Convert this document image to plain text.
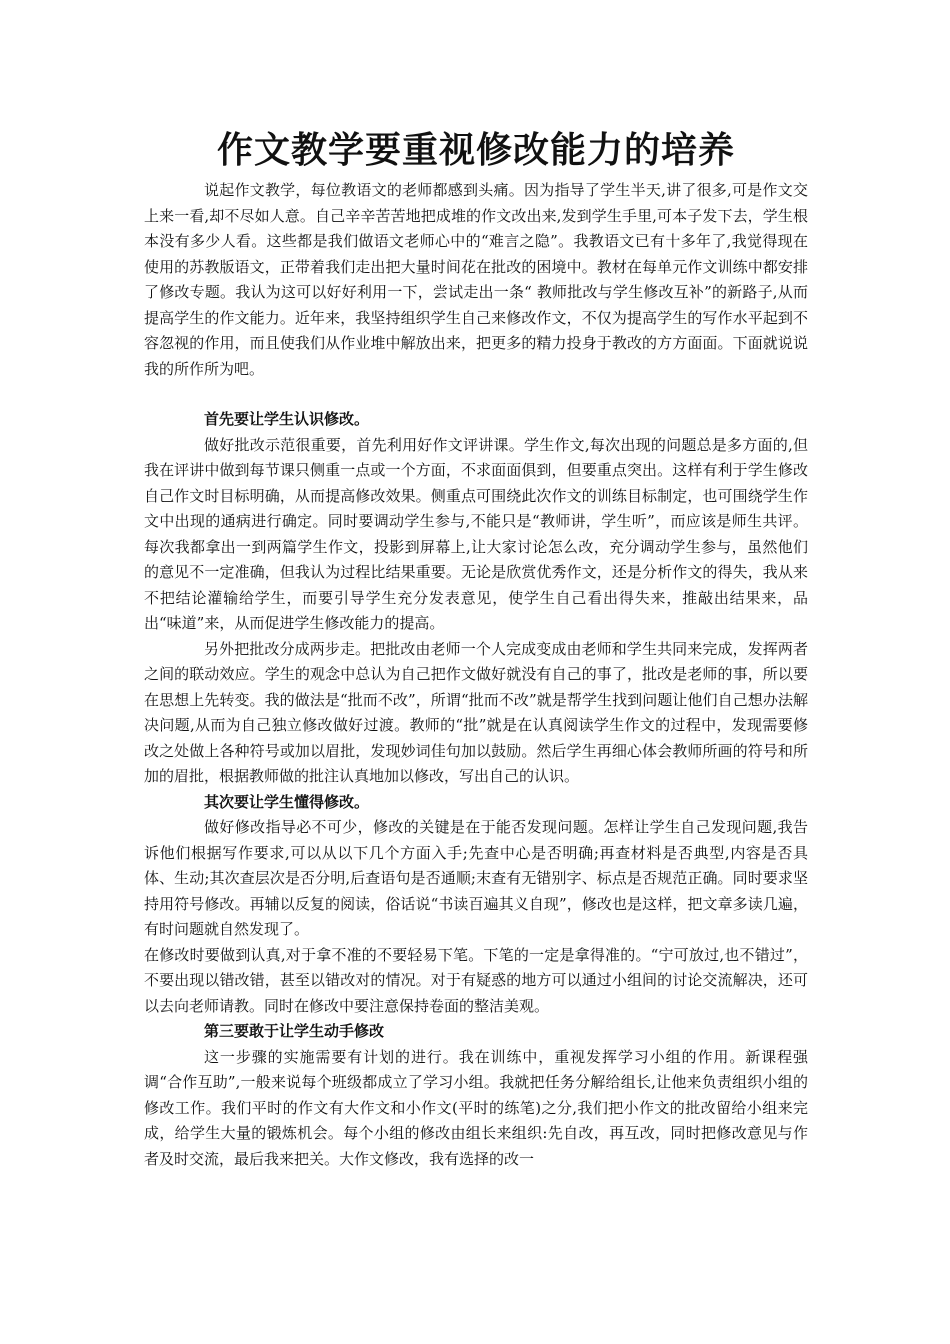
作文教学要重视修改能力的培养

说起作文教学，每位教语文的老师都感到头痛。因为指导了学生半天,讲了很多,可是作文交上来一看,却不尽如人意。自己辛辛苦苦地把成堆的作文改出来,发到学生手里,可本子发下去，学生根本没有多少人看。这些都是我们做语文老师心中的“难言之隐”。我教语文已有十多年了,我觉得现在使用的苏教版语文，正带着我们走出把大量时间花在批改的困境中。教材在每单元作文训练中都安排了修改专题。我认为这可以好好利用一下，尝试走出一条“ 教师批改与学生修改互补”的新路子,从而提高学生的作文能力。近年来，我坚持组织学生自己来修改作文，不仅为提高学生的写作水平起到不容忽视的作用，而且使我们从作业堆中解放出来，把更多的精力投身于教改的方方面面。下面就说说我的所作所为吧。

首先要让学生认识修改。

做好批改示范很重要，首先利用好作文评讲课。学生作文,每次出现的问题总是多方面的,但我在评讲中做到每节课只侧重一点或一个方面，不求面面俱到，但要重点突出。这样有利于学生修改自己作文时目标明确，从而提高修改效果。侧重点可围绕此次作文的训练目标制定，也可围绕学生作文中出现的通病进行确定。同时要调动学生参与,不能只是“教师讲，学生听”，而应该是师生共评。每次我都拿出一到两篇学生作文，投影到屏幕上,让大家讨论怎么改，充分调动学生参与，虽然他们的意见不一定准确，但我认为过程比结果重要。无论是欣赏优秀作文，还是分析作文的得失，我从来不把结论灌输给学生，而要引导学生充分发表意见，使学生自己看出得失来，推敲出结果来，品出“味道”来，从而促进学生修改能力的提高。

另外把批改分成两步走。把批改由老师一个人完成变成由老师和学生共同来完成，发挥两者之间的联动效应。学生的观念中总认为自己把作文做好就没有自己的事了，批改是老师的事，所以要在思想上先转变。我的做法是“批而不改”，所谓“批而不改”就是帮学生找到问题让他们自己想办法解决问题,从而为自己独立修改做好过渡。教师的“批”就是在认真阅读学生作文的过程中，发现需要修改之处做上各种符号或加以眉批，发现妙词佳句加以鼓励。然后学生再细心体会教师所画的符号和所加的眉批，根据教师做的批注认真地加以修改，写出自己的认识。

其次要让学生懂得修改。

做好修改指导必不可少，修改的关键是在于能否发现问题。怎样让学生自己发现问题,我告诉他们根据写作要求,可以从以下几个方面入手;先查中心是否明确;再查材料是否典型,内容是否具体、生动;其次查层次是否分明,后查语句是否通顺;末查有无错别字、标点是否规范正确。同时要求坚持用符号修改。再辅以反复的阅读，俗话说“书读百遍其义自现”，修改也是这样，把文章多读几遍，有时问题就自然发现了。

在修改时要做到认真,对于拿不准的不要轻易下笔。下笔的一定是拿得准的。“宁可放过,也不错过”，不要出现以错改错，甚至以错改对的情况。对于有疑惑的地方可以通过小组间的讨论交流解决，还可以去向老师请教。同时在修改中要注意保持卷面的整洁美观。

第三要敢于让学生动手修改

这一步骤的实施需要有计划的进行。我在训练中，重视发挥学习小组的作用。新课程强调“合作互助”,一般来说每个班级都成立了学习小组。我就把任务分解给组长,让他来负责组织小组的修改工作。我们平时的作文有大作文和小作文(平时的练笔)之分,我们把小作文的批改留给小组来完成，给学生大量的锻炼机会。每个小组的修改由组长来组织:先自改，再互改，同时把修改意见与作者及时交流，最后我来把关。大作文修改，我有选择的改一
